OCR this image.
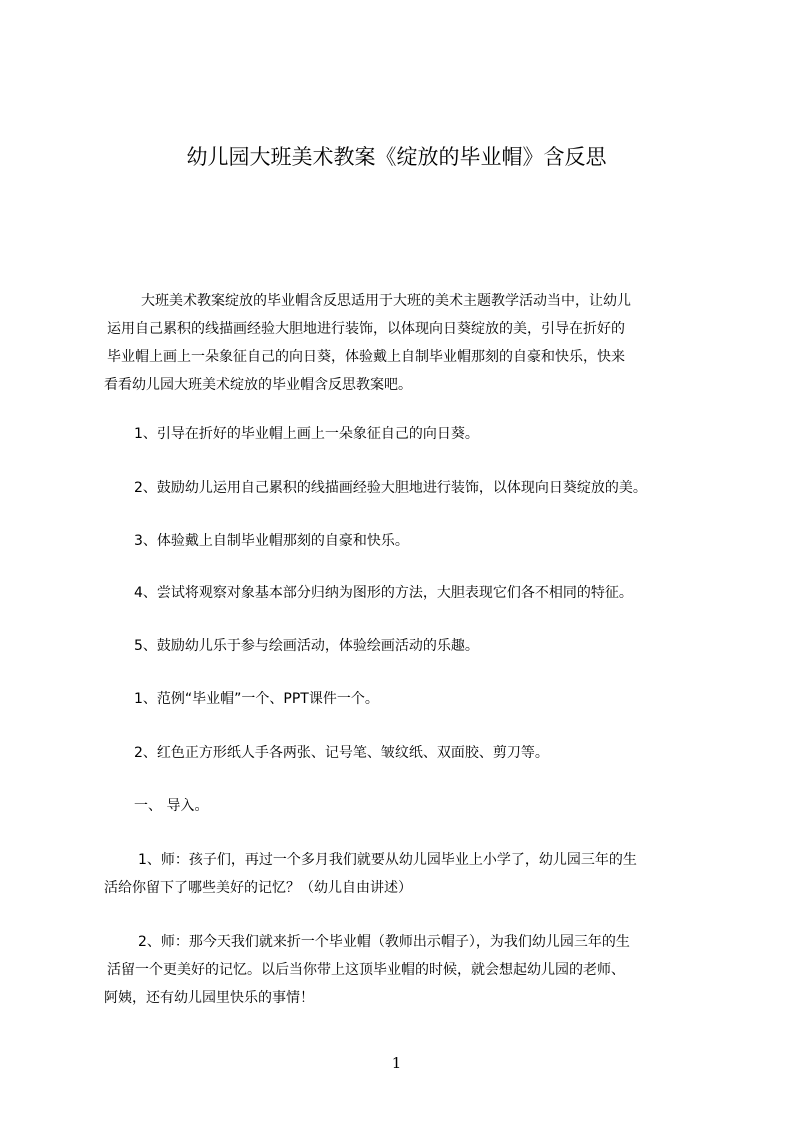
幼儿园大班美术教案《绽放的毕业帽》含反思
大班美术教案绽放的毕业帽含反思适用于大班的美术主题教学活动当中，让幼儿
运用自己累积的线描画经验大胆地进行装饰，以体现向日葵绽放的美，引导在折好的
毕业帽上画上一朵象征自己的向日葵，体验戴上自制毕业帽那刻的自豪和快乐，快来
看看幼儿园大班美术绽放的毕业帽含反思教案吧。

1、引导在折好的毕业帽上画上一朵象征自己的向日葵。

2、鼓励幼儿运用自己累积的线描画经验大胆地进行装饰，以体现向日葵绽放的美。

3、体验戴上自制毕业帽那刻的自豪和快乐。

4、尝试将观察对象基本部分归纳为图形的方法，大胆表现它们各不相同的特征。

5、鼓励幼儿乐于参与绘画活动，体验绘画活动的乐趣。

1、范例“毕业帽”一个、PPT课件一个。

2、红色正方形纸人手各两张、记号笔、皱纹纸、双面胶、剪刀等。

一、 导入。

1、师：孩子们，再过一个多月我们就要从幼儿园毕业上小学了，幼儿园三年的生
活给你留下了哪些美好的记忆？（幼儿自由讲述）
2、师：那今天我们就来折一个毕业帽（教师出示帽子），为我们幼儿园三年的生
活留一个更美好的记忆。以后当你带上这顶毕业帽的时候，就会想起幼儿园的老师、
阿姨，还有幼儿园里快乐的事情！
1
